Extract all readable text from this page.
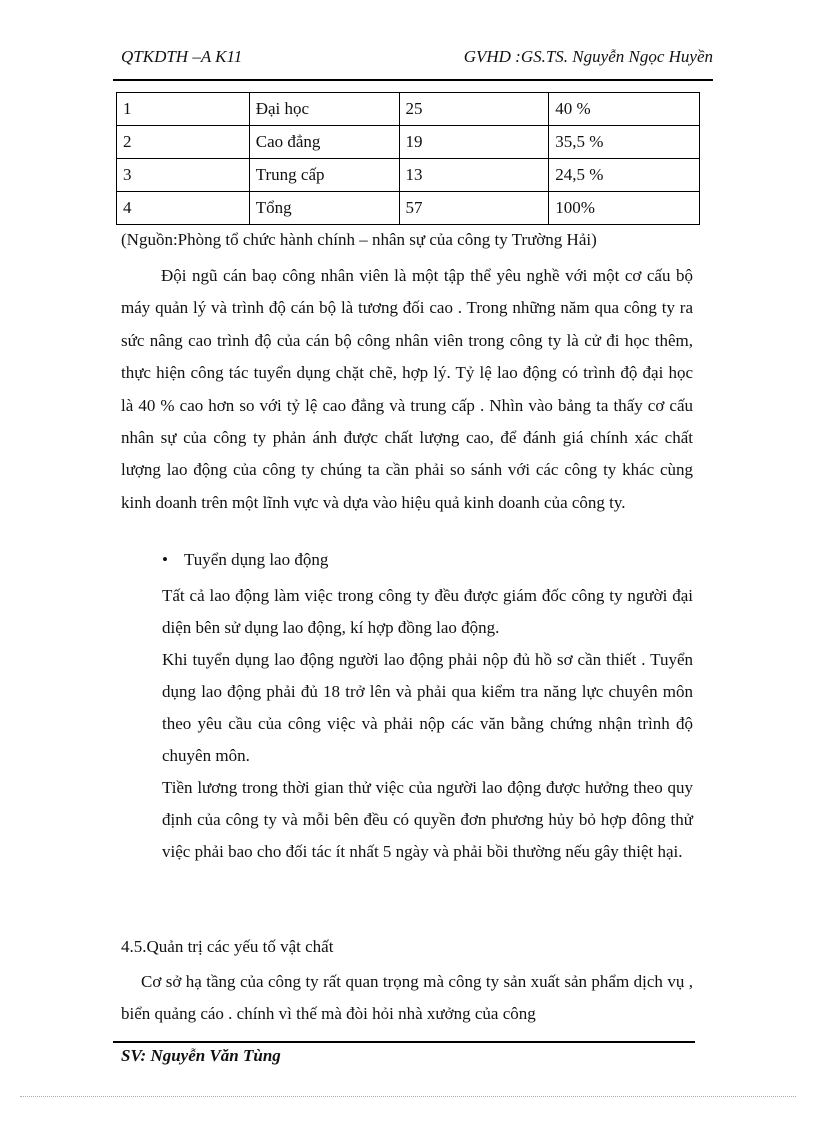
QTKDTH –A K11	GVHD :GS.TS. Nguyễn Ngọc Huyền
1	Đại học	25	40 %
2	Cao đẳng	19	35,5 %
3	Trung cấp	13	24,5 %
4	Tổng	57	100%
(Nguồn:Phòng tổ chức hành chính – nhân sự của công ty Trường Hải)
Đội ngũ cán baọ công nhân viên là một tập thể yêu nghề với một cơ cấu bộ máy quản lý và trình độ cán bộ là tương đối cao . Trong những năm qua công ty ra sức nâng cao trình độ của cán bộ công nhân viên trong công ty là cử đi học thêm, thực hiện công tác tuyển dụng chặt chẽ, hợp lý. Tỷ lệ lao động có trình độ đại học là 40 % cao hơn so với tỷ lệ cao đẳng và trung cấp . Nhìn vào bảng ta thấy cơ cấu nhân sự của công ty phản ánh được chất lượng cao, để đánh giá chính xác chất lượng lao động của công ty chúng ta cần phải so sánh với các công ty khác cùng kinh doanh trên một lĩnh vực và dựa vào hiệu quả kinh doanh của công ty.
• Tuyển dụng lao động
Tất cả lao động làm việc trong công ty đều được giám đốc công ty người đại diện bên sử dụng lao động, kí hợp đồng lao động.
Khi tuyển dụng lao động người lao động phải nộp đủ hồ sơ cần thiết . Tuyển dụng lao động phải đủ 18 trở lên và phải qua kiểm tra năng lực chuyên môn theo yêu cầu của công việc và phải nộp các văn bằng chứng nhận trình độ chuyên môn.
Tiền lương trong thời gian thử việc của người lao động được hưởng theo quy định của công ty và mỗi bên đều có quyền đơn phương hủy bỏ hợp đông thử việc phải bao cho đối tác ít nhất 5 ngày và phải bồi thường nếu gây thiệt hại.
4.5.Quản trị các yếu tố vật chất
Cơ sở hạ tầng của công ty rất quan trọng mà công ty sản xuất sản phẩm dịch vụ , biển quảng cáo . chính vì thế mà đòi hỏi nhà xưởng của công
SV: Nguyễn Văn Tùng
